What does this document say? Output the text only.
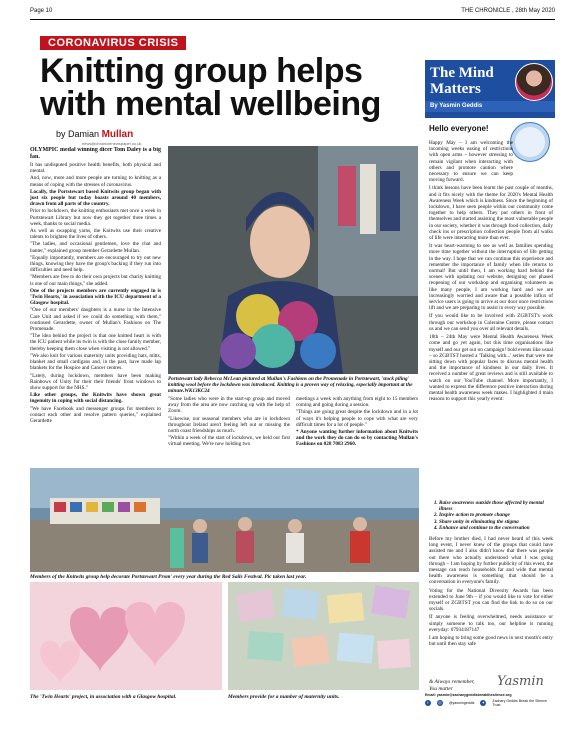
Page 10	THE CHRONICLE , 28th May 2020
CORONAVIRUS CRISIS
Knitting group helps with mental wellbeing
by Damian Mullan
news@chroniclenewspaper.co.uk

OLYMPIC medal winning dicer Tom Daley is a big fan.

It has undisputed positive health benefits, both physical and mental.

And, now, more and more people are turning to knitting as a means of coping with the stresses of coronavirus.

Locally, the Portstewart based Knitwits group began with just six people but today boasts around 40 members, drawn from all parts of the country.

Prior to lockdown, the knitting enthusiasts met once a week in Portstewart Library but now they get together three times a week, thanks to social media.

As well as swapping yarns, the Knitwits use their creative talents to brighten the lives of others.

"The ladies, and occasional gentlemen, love the chat and banter," explained group member Gerardette Mullan.

"Equally importantly, members are encouraged to try out new things, knowing they have the group's backing if they run into difficulties and need help.

"Members are free to do their own projects but charity knitting is one of our main things," she added.

One of the projects members are currently engaged in is 'Twin Hearts,' in association with the ICU department of a Glasgow hospital.

"One of our members' daughters is a nurse in the Intensive Care Unit and asked if we could do something with them," continued Gerardette, owner of Mullan's Fashions on The Promenade.

"The idea behind the project is that one knitted heart is with the ICU patient while its twin is with the close family member, thereby keeping them close when visiting is not allowed."

"We also knit for various maternity units providing hats, mitts, blanket and small cardigans and, in the past, have made lap blankets for the Hospice and Cancer centres.

"Lately, during lockdown, members have been making Rainbows of Unity for their their friends' front windows to show support for the NHS."

Like other groups, the Knitwits have shown great ingenuity in coping with social distancing.

"We have Facebook and messenger groups for members to contact each other and resolve pattern queries," explained Gerardette

Portstewart lady Rebecca McLean pictured at Mullan's Fashions on the Promenade in Portstewart, 'stock piling' knitting wool before the lockdown was introduced. Knitting is a proven way of relaxing, especially important at the minute.WK13KC24

"Some ladies who were in the start-up group and moved away from the area are now catching up with the help of Zoom.

"Likewise, our seasonal members who are in lockdown throughout Ireland aren't feeling left out or missing the north coast friendships as much.

"Within a week of the start of lockdown, we held our first virtual meeting. We're now holding two

meetings a week with anything from eight to 15 members coming and going during a session.

"Things are going great despite the lockdown and in a lot of ways it's helping people to cope with what are very difficult times for a lot of people."

* Anyone wanting further information about Knitwits and the work they do can do so by contacting Mullan's Fashions on 028 7083 2960.

The Mind Matters
By Yasmin Geddis
Hello everyone!

Happy May – I am welcoming the incoming weeks easing of restrictions with open arms – however stressing to remain vigilant when interacting with others and promote caution where necessary to ensure we can keep moving forward.

I think lessons have been learnt the past couple of months, and it fits nicely with the theme for 2020's Mental Health Awareness Week which is kindness. Since the beginning of lockdown, I have seen people within our community come together to help others. They put others in front of themselves and started assisting the most vulnerable people in our society, whether it was through food collection, daily check ins or prescription collection people from all walks of life were interacting more than ever.

It was heart-warming to see as well as families spending more time together without the interruption of life getting in the way. I hope that we can continue this experience and remember the importance of family when life returns to normal! But until then, I am working hard behind the scenes with updating our website, designing our phased reopening of our workshop and organising volunteers as like many people, I am working hard and we are increasingly worried and aware that a possible influx of service users is going to arrive at our door once restrictions lift and we are preparing to assist in every way possible.

If you would like to be involved with ZGBTST's work through our workshop in Coleraine Centre, please contact us and we can send you over all relevant details.

18th – 24th May were Mental Health Awareness Week come and go yet again, but this time organisations like myself and our get out on campaign! bold events like usual – so ZGBTST hosted a 'Talking with...' series that were me sitting down with popular faces to discuss mental health and the importance of kindness in our daily lives. It received a number of great reviews and is still available to watch on our YouTube channel. More importantly, I wanted to express the difference positive interaction during mental health awareness week makes. I highlighted 4 main reasons to support this yearly event:

1. Raise awareness outside those affected by mental illness
2. Inspire action to promote change
3. Share unity in eliminating the stigma
4. Enhance and continue to the conversation

Before my brother died, I had never heard of this week long event, I never knew of the groups that could have assisted me and I also didn't know that there was people out there who actually understood what I was going through – I am hoping by further publicity of this event, the message can reach households far and wide that mental health awareness is something that should be a conversation in everyone's family.

Voting for the National Diversity Awards has been extended to June 9th – if you would like to vote for either myself or ZGBTST you can find the link to do so on our socials.

If anyone is feeling overwhelmed, needs assistance or simply someone to talk too, our helpline is running everyday: 07934187147

I am hoping to bring some good news in next month's entry but until then stay safe

& Always remember,
You matter	Yasmin
Email: yasmin@zacharygeddisbreakthesilence.org
f	◎	@yasmingeddis	✦	Zachary Geddis Break the Silence Trust
Members of the Knitwits group help decorate Portstewart Prom' every year during the Red Sails Festival. Pic taken last year.
The 'Twin Hearts' project, in association with a Glasgow hospital.	Members provide for a number of maternity units.
